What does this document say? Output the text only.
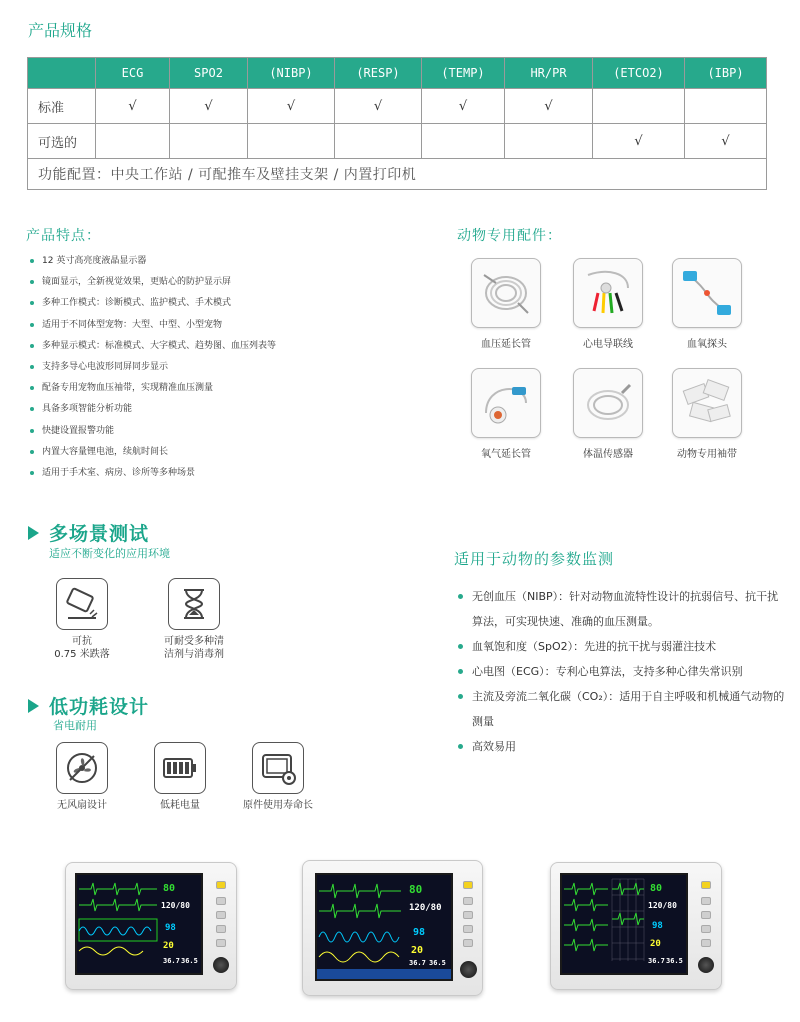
产品规格
	ECG	SPO2	(NIBP)	(RESP)	(TEMP)	HR/PR	(ETCO2)	(IBP)
标准	√	√	√	√	√	√		
可选的							√	√
功能配置：中央工作站 / 可配推车及壁挂支架 / 内置打印机								
产品特点：
12 英寸高亮度液晶显示器
镜面显示，全新视觉效果，更贴心的防护显示屏
多种工作模式：诊断模式、监护模式、手术模式
适用于不同体型宠物：大型、中型、小型宠物
多种显示模式：标准模式、大字模式、趋势图、血压列表等
支持多导心电波形同屏同步显示
配备专用宠物血压袖带，实现精准血压测量
具备多项智能分析功能
快捷设置报警功能
内置大容量锂电池，续航时间长
适用于手术室、病房、诊所等多种场景
动物专用配件：
血压延长管	心电导联线	血氧探头
氧气延长管	体温传感器	动物专用袖带
多场景测试
适应不断变化的应用环境
可抗
0.75 米跌落
可耐受多种清
洁剂与消毒剂
低功耗设计
省电耐用
无风扇设计	低耗电量	原件使用寿命长
适用于动物的参数监测
无创血压（NIBP）：针对动物血流特性设计的抗弱信号、抗干扰算法，可实现快速、准确的血压测量。
血氧饱和度（SpO2）：先进的抗干扰与弱灌注技术
心电图（ECG）：专利心电算法，支持多种心律失常识别
主流及旁流二氧化碳（CO₂）：适用于自主呼吸和机械通气动物的测量
高效易用
80
120/80
98
20
36.7 36.5
80
120/80
98
20
36.7 36.5
80
120/80
98
20
36.7 36.5
